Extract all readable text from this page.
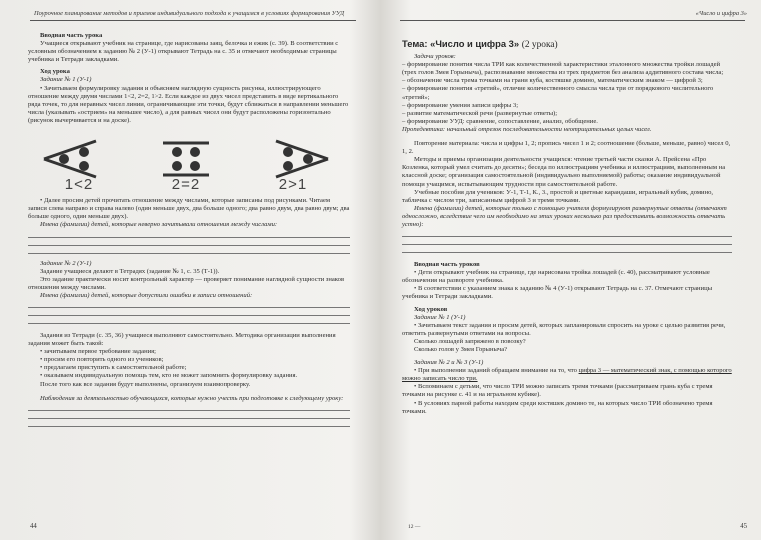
Поурочное планирование методов и приемов индивидуального подхода к учащимся в условиях формирования УУД

Вводная часть урока

Учащиеся открывают учебник на странице, где нарисованы заяц, белочка и ежик (с. 39). В соответствии с условным обозначением к заданию № 2 (У-1) открывают Тетрадь на с. 35 и отмечают необходимые страницы учебника и Тетради закладками.

Ход урока

Задание № 1 (У-1)

• Зачитываем формулировку задания и объясняем наглядную сущность рисунка, иллюстрирующего отношение между двумя числами 1<2, 2=2, 1>2. Если каждое из двух чисел представить в виде вертикального ряда точек, то для неравных чисел линии, ограничивающие эти точки, будут сближаться в направлении меньшего числа (указывать «острием» на меньшее число), а для равных чисел они будут расположены горизонтально (рисунок вычерчивается и на доске).

1<2	2=2	2>1

• Далее просим детей прочитать отношение между числами, которые записаны под рисунками. Читаем записи слева направо и справа налево (один меньше двух, два больше одного; два равно двум, два равно двум; два больше одного, один меньше двух).

Имена (фамилии) детей, которые неверно зачитывали отношения между числами:

Задание № 2 (У-1)

Задание учащиеся делают в Тетрадях (задание № 1, с. 35 (Т-1)).

Это задание практически носит контрольный характер — проверяет понимание наглядной сущности знаков отношения между числами.

Имена (фамилии) детей, которые допустили ошибки в записи отношений:

Задания из Тетради (с. 35, 36) учащиеся выполняют самостоятельно. Методика организации выполнения задания может быть такой:

• зачитываем первое требование задания;

• просим его повторить одного из учеников;

• предлагаем приступить к самостоятельной работе;

• оказываем индивидуальную помощь тем, кто не может запомнить формулировку задания.

После того как все задания будут выполнены, организуем взаимопроверку.

Наблюдения за деятельностью обучающихся, которые нужно учесть при подготовке к следующему уроку:

44
«Число и цифра 3»

Тема: «Число и цифра 3» (2 урока)

Задачи уроков:

– формирование понятия числа ТРИ как количественной характеристики эталонного множества тройки лошадей (трех голов Змея Горыныча), распознавание множества из трех предметов без анализа аддитивного состава числа;

– обозначение числа трема точками на грани куба, костяшке домино, математическим знаком — цифрой 3;

– формирование понятия «третий», отличие количественного смысла числа три от порядкового числительного «третий»;

– формирование умения записи цифры 3;

– развитие математической речи (развернутые ответы);

– формирование УУД: сравнение, сопоставление, анализ, обобщение.

Пропедевтика: начальный отрезок последовательности неотрицательных целых чисел.

Повторение материала: числа и цифры 1, 2; пропись чисел 1 и 2; соотношение (больше, меньше, равно) чисел 0, 1, 2.

Методы и приемы организации деятельности учащихся: чтение третьей части сказки А. Прейсена «Про Козленка, который умел считать до десяти»; беседа по иллюстрациям учебника и иллюстрациям, выполненным на классной доске; организация самостоятельной (индивидуально выполняемой) работы; оказание индивидуальной помощи учащимся, испытывающим трудности при самостоятельной работе.

Учебные пособия для учеников: У-1, Т-1, К., 3., простой и цветные карандаши, игральный кубик, домино, табличка с числом три, записанным цифрой 3 и тремя точками.

Имена (фамилии) детей, которые только с помощью учителя формулируют развернутые ответы (отвечают односложно, вследствие чего им необходимо на этих уроках несколько раз предоставить возможность отвечать устно):

Вводная часть уроков

• Дети открывают учебник на странице, где нарисована тройка лошадей (с. 40), рассматривают условные обозначения на развороте учебника.

• В соответствии с указанием знака к заданию № 4 (У-1) открывают Тетрадь на с. 37. Отмечают страницы учебника и Тетради закладками.

Ход уроков

Задание № 1 (У-1)

• Зачитываем текст задания и просим детей, которых запланировали спросить на уроке с целью развития речи, ответить развернутыми ответами на вопросы.

Сколько лошадей запряжено в повозку?

Сколько голов у Змея Горыныча?

Задания № 2 и № 3 (У-1)

• При выполнении заданий обращаем внимание на то, что цифра 3 — математический знак, с помощью которого можно записать число три.

• Вспоминаем с детьми, что число ТРИ можно записать тремя точками (рассматриваем грань куба с тремя точками на рисунке с. 41 и на игральном кубике).

• В условиях парной работы находим среди костяшек домино те, на которых число ТРИ обозначено тремя точками.

12 —	45
